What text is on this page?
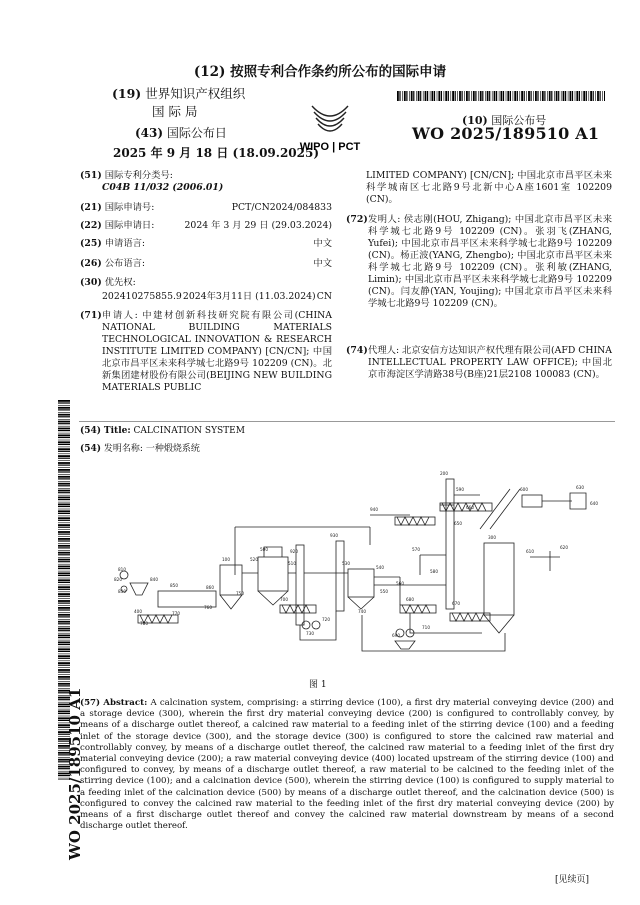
(12) 按照专利合作条约所公布的国际申请
(19) 世界知识产权组织
国 际 局
(43) 国际公布日
2025 年 9 月 18 日 (18.09.2025)
WIPO | PCT
(10) 国际公布号
WO 2025/189510 A1
(51) 国际专利分类号:
C04B 11/032 (2006.01)
(21) 国际申请号:	PCT/CN2024/084833
(22) 国际申请日:	2024 年 3 月 29 日 (29.03.2024)
(25) 申请语言:	中文
(26) 公布语言:	中文
(30) 优先权:
202410275855.9 2024年3月11日 (11.03.2024) CN
(71) 申请人: 中建材创新科技研究院有限公司(CHINA NATIONAL BUILDING MATERIALS TECHNOLOGICAL INNOVATION & RESEARCH INSTITUTE LIMITED COMPANY) [CN/CN]; 中国北京市昌平区未来科学城七北路9号 102209 (CN)。北新集团建材股份有限公司(BEIJING NEW BUILDING MATERIALS PUBLIC
LIMITED COMPANY) [CN/CN]; 中国北京市昌平区未来科学城南区七北路9号北新中心A座1601室 102209 (CN)。
(72) 发明人: 侯志刚(HOU, Zhigang); 中国北京市昌平区未来科学城七北路9号 102209 (CN)。张羽飞(ZHANG, Yufei); 中国北京市昌平区未来科学城七北路9号 102209 (CN)。杨正波(YANG, Zhengbo); 中国北京市昌平区未来科学城七北路9号 102209 (CN)。张利敏(ZHANG, Limin); 中国北京市昌平区未来科学城七北路9号 102209 (CN)。闫友静(YAN, Youjing); 中国北京市昌平区未来科学城七北路9号 102209 (CN)。
(74) 代理人: 北京安信方达知识产权代理有限公司(AFD CHINA INTELLECTUAL PROPERTY LAW OFFICE); 中国北京市海淀区学清路38号(B座)21层2108 100083 (CN)。
(54) Title: CALCINATION SYSTEM
(54) 发明名称: 一种煅烧系统
WO 2025/189510 A1
500
100
200
300
400
600
700
810
820
830
840
850	860
920
930
940
510
520
530
540
550
560
570
580
590
610
620
630
640
650
660
670
680
690
710
720
730
740
750
760
770
780
图 1
(57) Abstract: A calcination system, comprising: a stirring device (100), a first dry material conveying device (200) and a storage device (300), wherein the first dry material conveying device (200) is configured to controllably convey, by means of a discharge outlet thereof, a calcined raw material to a feeding inlet of the stirring device (100) and a feeding inlet of the storage device (300), and the storage device (300) is configured to store the calcined raw material and controllably convey, by means of a discharge outlet thereof, the calcined raw material to a feeding inlet of the first dry material conveying device (200); a raw material conveying device (400) located upstream of the stirring device (100) and configured to convey, by means of a discharge outlet thereof, a raw material to be calcined to the feeding inlet of the stirring device (100); and a calcination device (500), wherein the stirring device (100) is configured to supply material to a feeding inlet of the calcination device (500) by means of a discharge outlet thereof, and the calcination device (500) is configured to convey the calcined raw material to the feeding inlet of the first dry material conveying device (200) by means of a first discharge outlet thereof and convey the calcined raw material downstream by means of a second discharge outlet thereof.
[见续页]
